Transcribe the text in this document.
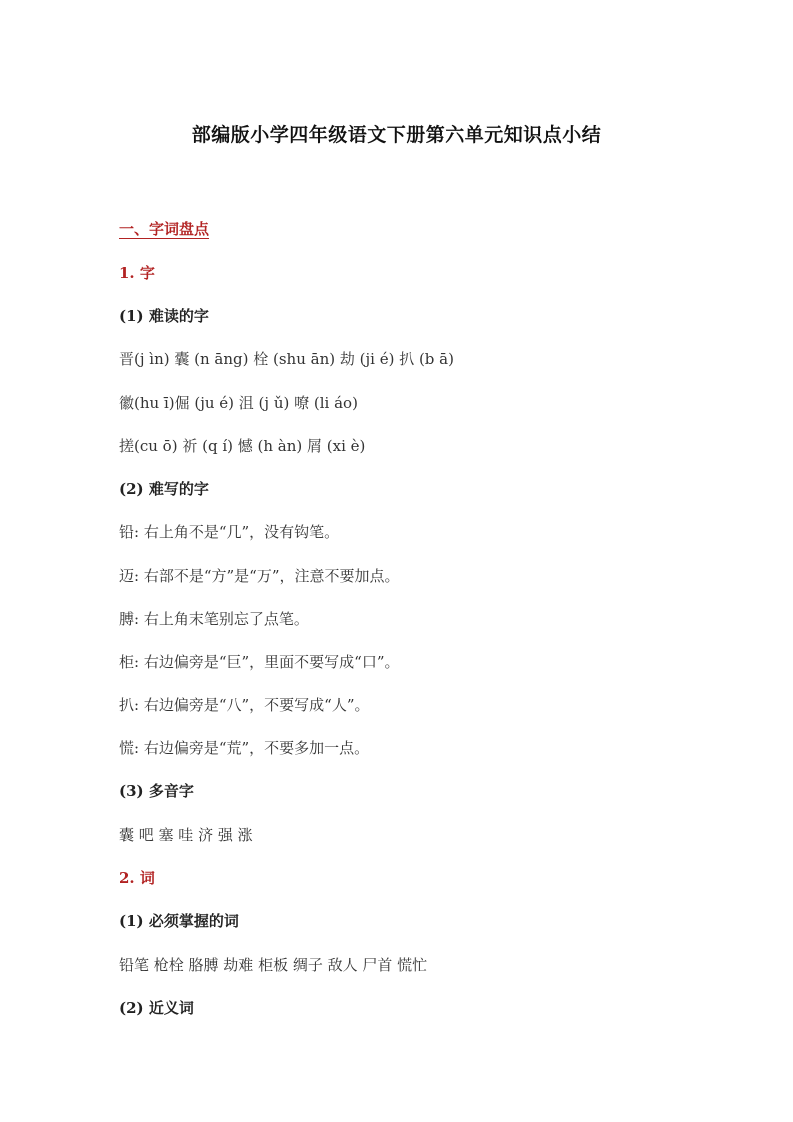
部编版小学四年级语文下册第六单元知识点小结
一、字词盘点
1. 字
(1) 难读的字
晋(j ìn) 囊 (n āng) 栓 (shu ān) 劫 (ji é) 扒 (b ā)
徽(hu ī)倔 (ju é) 沮 (j ǔ) 嘹 (li áo)
搓(cu ō) 祈 (q í) 憾 (h àn) 屑 (xi è)
(2) 难写的字
铅: 右上角不是“几”，没有钩笔。
迈: 右部不是“方”是“万”，注意不要加点。
膊: 右上角末笔别忘了点笔。
柜: 右边偏旁是“巨”，里面不要写成“口”。
扒: 右边偏旁是“八”，不要写成“人”。
慌: 右边偏旁是“荒”，不要多加一点。
(3) 多音字
囊 吧 塞 哇 济 强 涨
2. 词
(1) 必须掌握的词
铅笔 枪栓 胳膊 劫难 柜板 绸子 敌人 尸首 慌忙
(2) 近义词
